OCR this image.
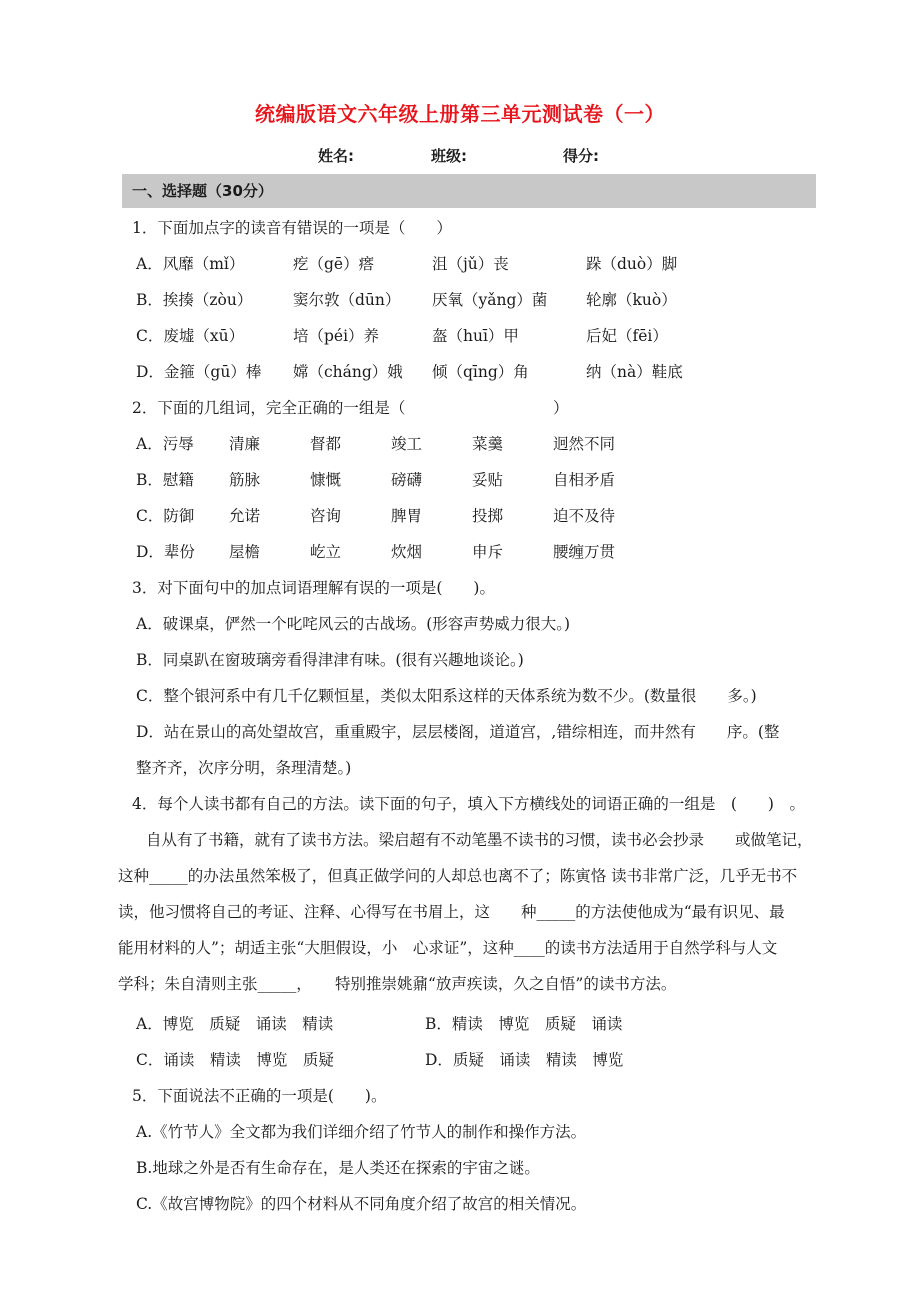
统编版语文六年级上册第三单元测试卷（一）
姓名:	班级:	得分:
一、选择题（30分）
1．下面加点字的读音有错误的一项是（　　）
A．风靡（mǐ）	疙（gē）瘩	沮（jǔ）丧	跺（duò）脚
B．挨揍（zòu）	窦尔敦（dūn） 厌氧（yǎng）菌 轮廓（kuò）
C．废墟（xū）	培（péi）养	盔（huī）甲	后妃（fēi）
D．金箍（gū）棒 嫦（cháng）娥 倾（qīng）角	纳（nà）鞋底
2．下面的几组词，完全正确的一组是（	）
A．污辱 清廉	督都	竣工	菜羹	迥然不同
B．慰籍 筋脉	慷慨	磅礴	妥贴	自相矛盾
C．防御 允诺	咨询	脾胃	投掷	迫不及待
D．辈份 屋檐	屹立	炊烟	申斥	腰缠万贯
3．对下面句中的加点词语理解有误的一项是(　　)。
A．破课桌，俨然一个叱咤风云的古战场。(形容声势威力很大。)
B．同桌趴在窗玻璃旁看得津津有味。(很有兴趣地谈论。)
C．整个银河系中有几千亿颗恒星，类似太阳系这样的天体系统为数不少。(数量很　　多。)
D．站在景山的高处望故宫，重重殿宇，层层楼阁，道道宫，,错综相连，而井然有　　序。(整
整齐齐，次序分明，条理清楚。)
4．每个人读书都有自己的方法。读下面的句子，填入下方横线处的词语正确的一组是　(　　)　。
自从有了书籍，就有了读书方法。梁启超有不动笔墨不读书的习惯，读书必会抄录　　或做笔记，
这种_____的办法虽然笨极了，但真正做学问的人却总也离不了；陈寅恪 读书非常广泛，几乎无书不
读，他习惯将自己的考证、注释、心得写在书眉上，这　　种_____的方法使他成为“最有识见、最
能用材料的人”；胡适主张“大胆假设，小　心求证”，这种____的读书方法适用于自然学科与人文
学科；朱自清则主张_____，　　特别推崇姚鼐“放声疾读，久之自悟”的读书方法。
A．博览　质疑　诵读　精读	B．精读　博览　质疑　诵读
C．诵读　精读　博览　质疑	D．质疑　诵读　精读　博览
5．下面说法不正确的一项是(　　)。
A.《竹节人》全文都为我们详细介绍了竹节人的制作和操作方法。
B.地球之外是否有生命存在，是人类还在探索的宇宙之谜。
C.《故宫博物院》的四个材料从不同角度介绍了故宫的相关情况。
